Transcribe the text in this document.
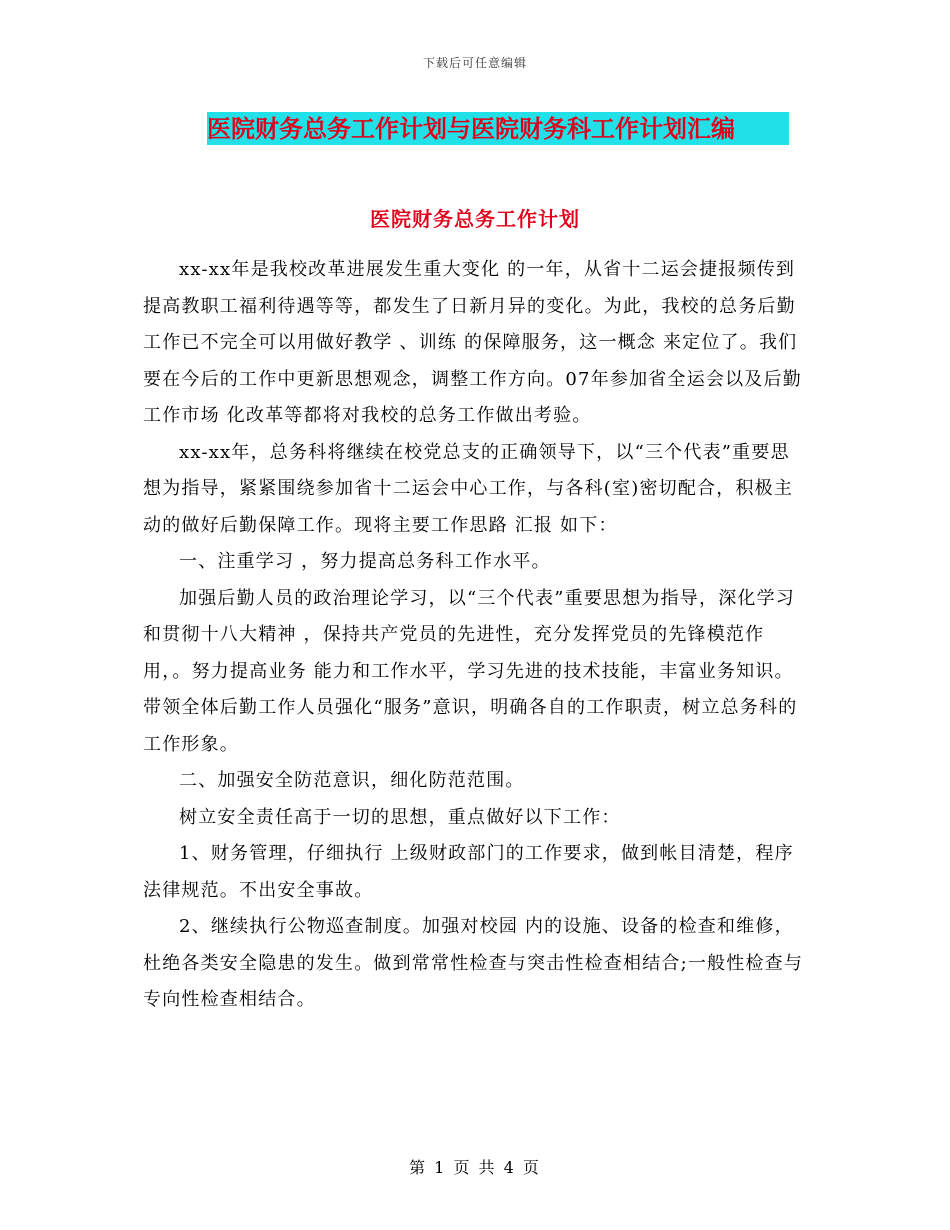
下载后可任意编辑
医院财务总务工作计划与医院财务科工作计划汇编
医院财务总务工作计划

xx-xx年是我校改革进展发生重大变化 的一年，从省十二运会捷报频传到提高教职工福利待遇等等，都发生了日新月异的变化。为此，我校的总务后勤工作已不完全可以用做好教学 、训练 的保障服务，这一概念 来定位了。我们要在今后的工作中更新思想观念，调整工作方向。07年参加省全运会以及后勤工作市场 化改革等都将对我校的总务工作做出考验。

xx-xx年，总务科将继续在校党总支的正确领导下，以“三个代表”重要思想为指导，紧紧围绕参加省十二运会中心工作，与各科(室)密切配合，积极主动的做好后勤保障工作。现将主要工作思路 汇报 如下：

一、注重学习 ，努力提高总务科工作水平。

加强后勤人员的政治理论学习，以“三个代表”重要思想为指导，深化学习和贯彻十八大精神 ，保持共产党员的先进性，充分发挥党员的先锋模范作用，。努力提高业务 能力和工作水平，学习先进的技术技能，丰富业务知识。带领全体后勤工作人员强化“服务”意识，明确各自的工作职责，树立总务科的工作形象。

二、加强安全防范意识，细化防范范围。

树立安全责任高于一切的思想，重点做好以下工作：

1、财务管理，仔细执行 上级财政部门的工作要求，做到帐目清楚，程序法律规范。不出安全事故。

2、继续执行公物巡查制度。加强对校园 内的设施、设备的检查和维修，杜绝各类安全隐患的发生。做到常常性检查与突击性检查相结合;一般性检查与专向性检查相结合。

第 1 页 共 4 页
